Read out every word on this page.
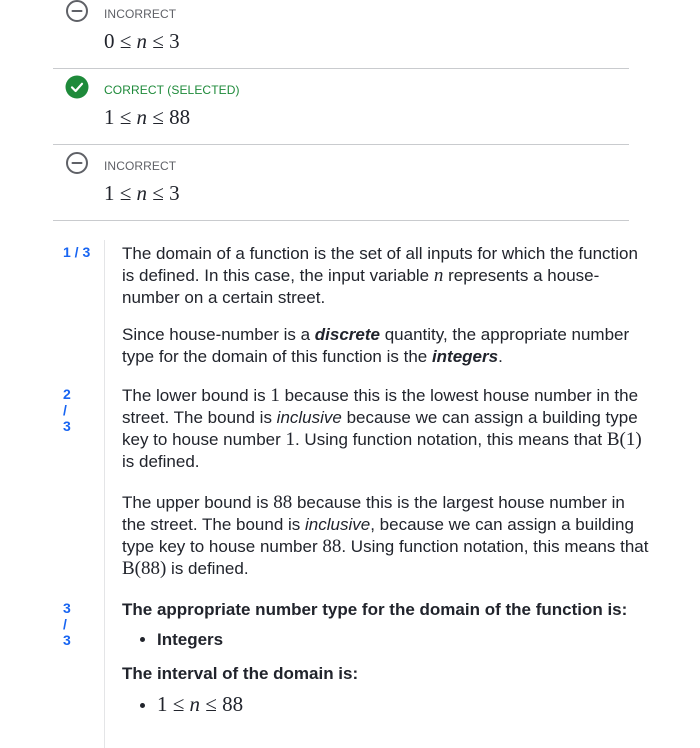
INCORRECT
0 ≤ n ≤ 3
CORRECT (SELECTED)
1 ≤ n ≤ 88
INCORRECT
1 ≤ n ≤ 3
1 / 3 The domain of a function is the set of all inputs for which the function is defined. In this case, the input variable n represents a house-number on a certain street.

Since house-number is a discrete quantity, the appropriate number type for the domain of this function is the integers.

2 / 3

The lower bound is 1 because this is the lowest house number in the street. The bound is inclusive because we can assign a building type key to house number 1. Using function notation, this means that B(1) is defined.

The upper bound is 88 because this is the largest house number in the street. The bound is inclusive, because we can assign a building type key to house number 88. Using function notation, this means that B(88) is defined.

3 / 3
The appropriate number type for the domain of the function is:
• Integers
The interval of the domain is:
• 1 ≤ n ≤ 88
